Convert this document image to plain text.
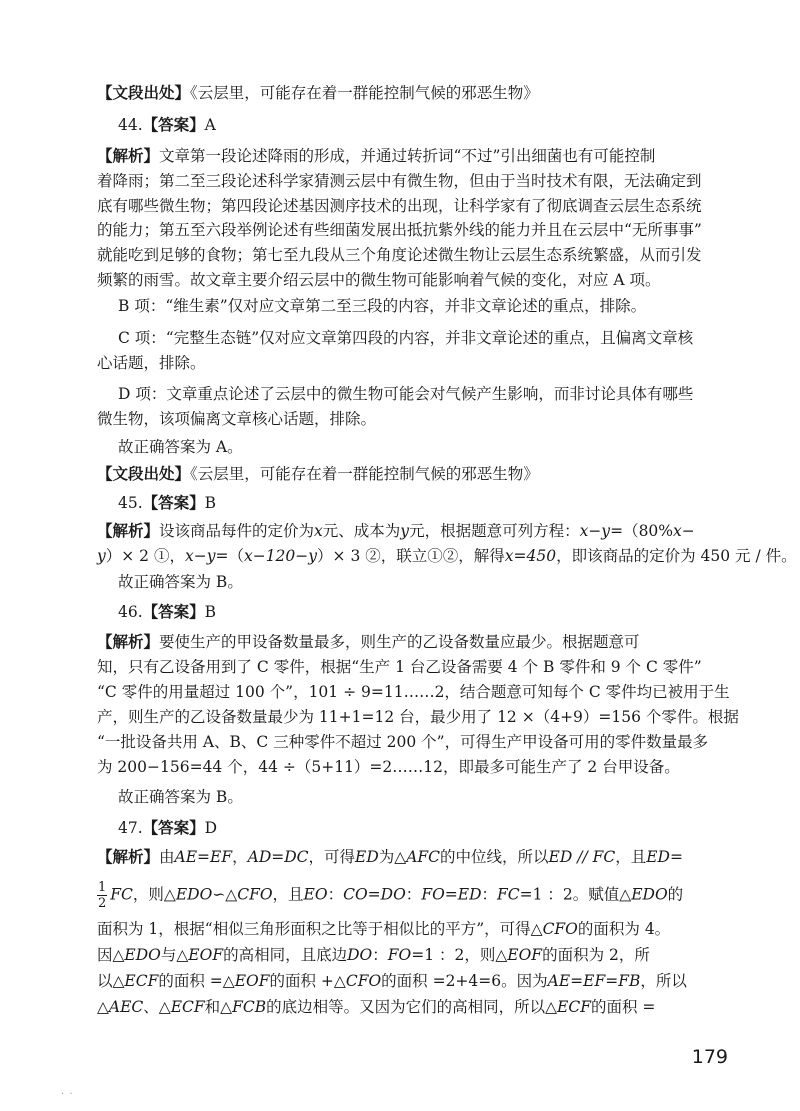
【文段出处】《云层里，可能存在着一群能控制气候的邪恶生物》
44.【答案】A
【解析】文章第一段论述降雨的形成，并通过转折词“不过”引出细菌也有可能控制
着降雨；第二至三段论述科学家猜测云层中有微生物，但由于当时技术有限，无法确定到
底有哪些微生物；第四段论述基因测序技术的出现，让科学家有了彻底调查云层生态系统
的能力；第五至六段举例论述有些细菌发展出抵抗紫外线的能力并且在云层中“无所事事”
就能吃到足够的食物；第七至九段从三个角度论述微生物让云层生态系统繁盛，从而引发
频繁的雨雪。故文章主要介绍云层中的微生物可能影响着气候的变化，对应 A 项。
B 项：“维生素”仅对应文章第二至三段的内容，并非文章论述的重点，排除。
C 项：“完整生态链”仅对应文章第四段的内容，并非文章论述的重点，且偏离文章核
心话题，排除。
D 项：文章重点论述了云层中的微生物可能会对气候产生影响，而非讨论具体有哪些
微生物，该项偏离文章核心话题，排除。
故正确答案为 A。
【文段出处】《云层里，可能存在着一群能控制气候的邪恶生物》
45.【答案】B
【解析】设该商品每件的定价为x元、成本为y元，根据题意可列方程：x−y=（80%x−
y）× 2 ①，x−y=（x−120−y）× 3 ②，联立①②，解得x=450，即该商品的定价为 450 元 / 件。
故正确答案为 B。
46.【答案】B
【解析】要使生产的甲设备数量最多，则生产的乙设备数量应最少。根据题意可
知，只有乙设备用到了 C 零件，根据“生产 1 台乙设备需要 4 个 B 零件和 9 个 C 零件”
“C 零件的用量超过 100 个”，101 ÷ 9=11……2，结合题意可知每个 C 零件均已被用于生
产，则生产的乙设备数量最少为 11+1=12 台，最少用了 12 ×（4+9）=156 个零件。根据
“一批设备共用 A、B、C 三种零件不超过 200 个”，可得生产甲设备可用的零件数量最多
为 200−156=44 个，44 ÷（5+11）=2……12，即最多可能生产了 2 台甲设备。
故正确答案为 B。
47.【答案】D
【解析】由AE=EF，AD=DC，可得ED为△AFC的中位线，所以ED // FC，且ED=
$\frac{1}{2}$ FC，则△EDO∽△CFO，且EO：CO=DO：FO=ED：FC=1 ：2。赋值△EDO的
面积为 1，根据“相似三角形面积之比等于相似比的平方”，可得△CFO的面积为 4。
因△EDO与△EOF的高相同，且底边DO：FO=1 ：2，则△EOF的面积为 2，所
以△ECF的面积 =△EOF的面积 +△CFO的面积 =2+4=6。因为AE=EF=FB，所以
△AEC、△ECF和△FCB的底边相等。又因为它们的高相同，所以△ECF的面积 =
179
· ·
